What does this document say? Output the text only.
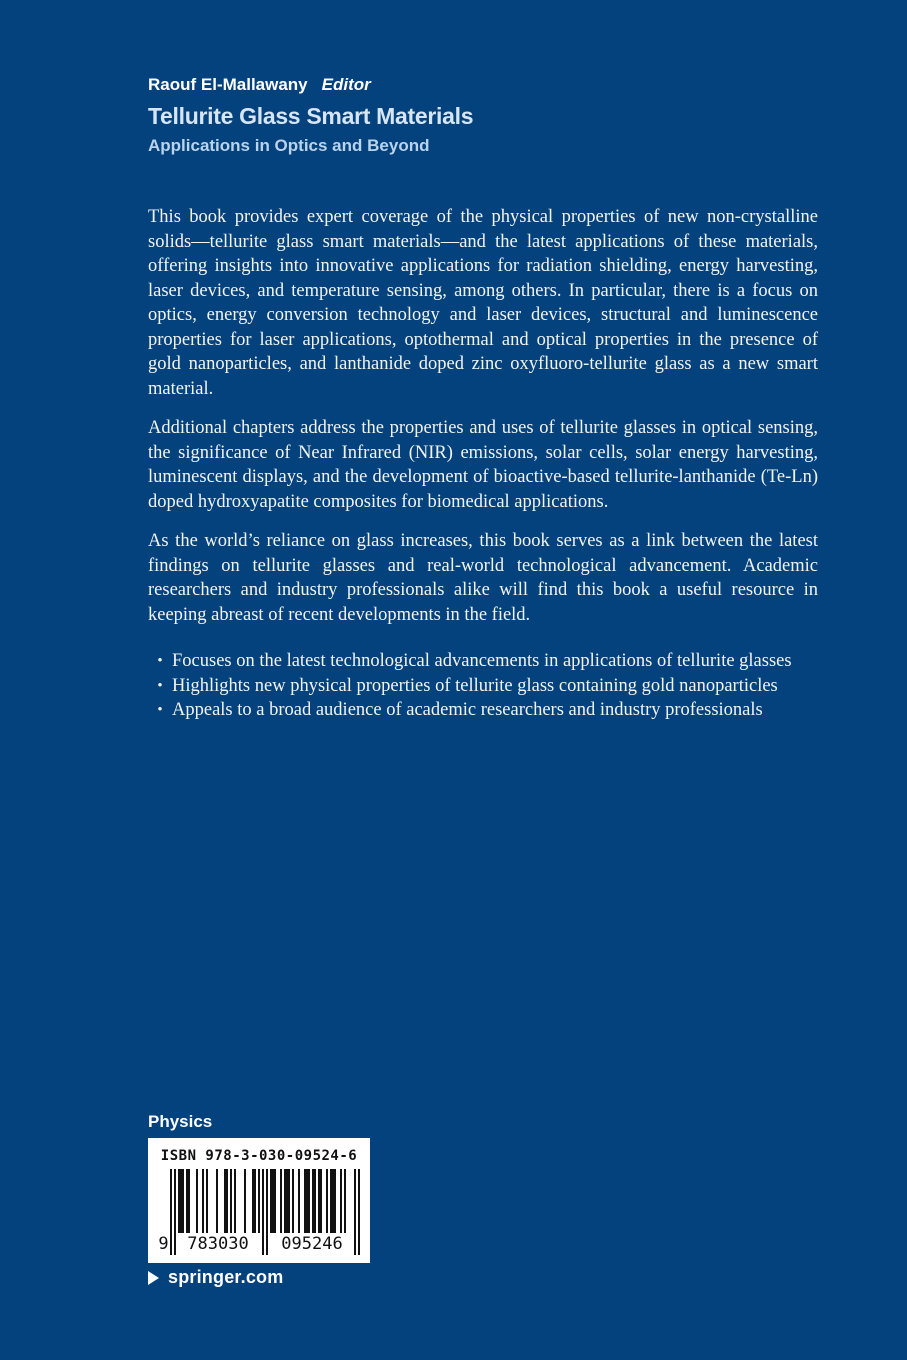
Raouf El-Mallawany Editor
Tellurite Glass Smart Materials
Applications in Optics and Beyond

This book provides expert coverage of the physical properties of new non-crystalline solids—tellurite glass smart materials—and the latest applications of these materials, offering insights into innovative applications for radiation shielding, energy harvesting, laser devices, and temperature sensing, among others. In particular, there is a focus on optics, energy conversion technology and laser devices, structural and luminescence properties for laser applications, optothermal and optical properties in the presence of gold nanoparticles, and lanthanide doped zinc oxyfluoro-tellurite glass as a new smart material.

Additional chapters address the properties and uses of tellurite glasses in optical sensing, the significance of Near Infrared (NIR) emissions, solar cells, solar energy harvesting, luminescent displays, and the development of bioactive-based tellurite-lanthanide (Te-Ln) doped hydroxyapatite composites for biomedical applications.

As the world’s reliance on glass increases, this book serves as a link between the latest findings on tellurite glasses and real-world technological advancement. Academic researchers and industry professionals alike will find this book a useful resource in keeping abreast of recent developments in the field.

• Focuses on the latest technological advancements in applications of tellurite glasses
• Highlights new physical properties of tellurite glass containing gold nanoparticles
• Appeals to a broad audience of academic researchers and industry professionals
Physics
ISBN 978-3-030-09524-6
9	783030	095246
springer.com
